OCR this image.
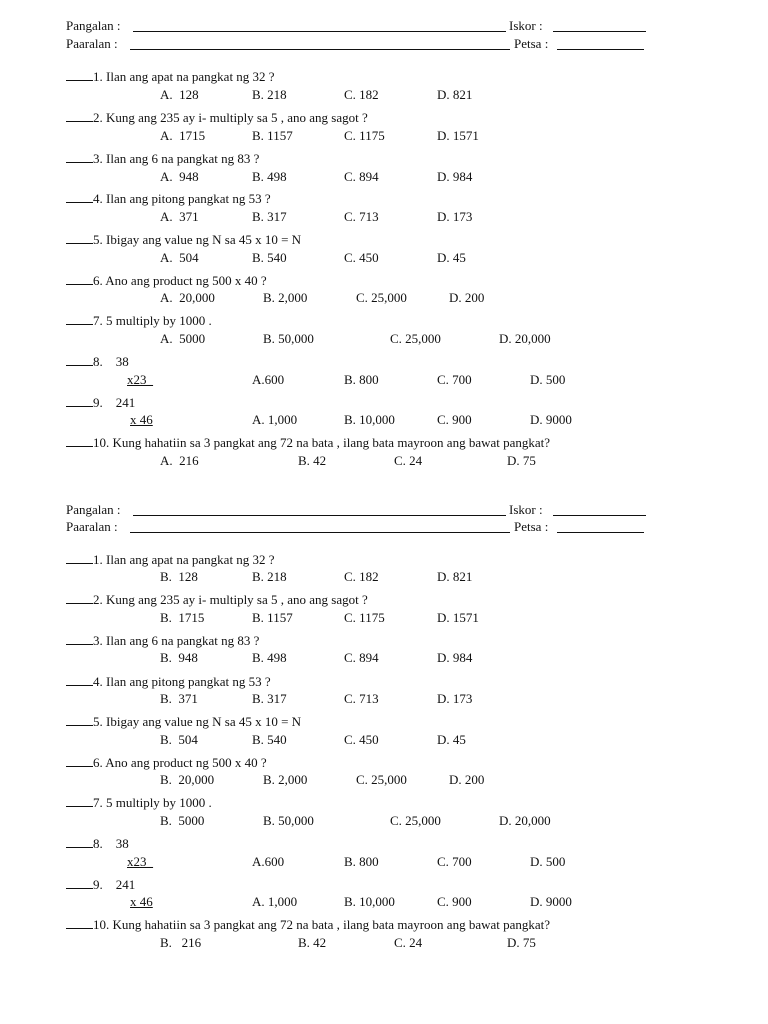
Pangalan :	Iskor :
Paaralan :	Petsa :
1. Ilan ang apat na pangkat ng 32 ?
A.  128	B. 218	C. 182	D. 821
2. Kung ang 235 ay i- multiply sa 5 , ano ang sagot ?
A.  1715	B. 1157	C. 1175	D. 1571
3. Ilan ang 6 na pangkat ng 83 ?
A.  948	B. 498	C. 894	D. 984
4. Ilan ang pitong pangkat ng 53 ?
A.  371	B. 317	C. 713	D. 173
5. Ibigay ang value ng N sa 45 x 10 = N
A.  504	B. 540	C. 450	D. 45
6. Ano ang product ng 500 x 40 ?
A.  20,000	B. 2,000	C. 25,000	D. 200
7. 5 multiply by 1000 .
A.  5000	B. 50,000	C. 25,000	D. 20,000
8. 38
x23_	A.600	B. 800	C. 700	D. 500
9. 241
x 46	A. 1,000	B. 10,000	C. 900	D. 9000
10. Kung hahatiin sa 3 pangkat ang 72 na bata , ilang bata mayroon ang bawat pangkat?
A.  216	B. 42	C. 24	D. 75
Pangalan :	Iskor :
Paaralan :	Petsa :
1. Ilan ang apat na pangkat ng 32 ?
B.  128	B. 218	C. 182	D. 821
2. Kung ang 235 ay i- multiply sa 5 , ano ang sagot ?
B.  1715	B. 1157	C. 1175	D. 1571
3. Ilan ang 6 na pangkat ng 83 ?
B.  948	B. 498	C. 894	D. 984
4. Ilan ang pitong pangkat ng 53 ?
B.  371	B. 317	C. 713	D. 173
5. Ibigay ang value ng N sa 45 x 10 = N
B.  504	B. 540	C. 450	D. 45
6. Ano ang product ng 500 x 40 ?
B.  20,000	B. 2,000	C. 25,000	D. 200
7. 5 multiply by 1000 .
B.  5000	B. 50,000	C. 25,000	D. 20,000
8. 38
x23_	A.600	B. 800	C. 700	D. 500
9. 241
x 46	A. 1,000	B. 10,000	C. 900	D. 9000
10. Kung hahatiin sa 3 pangkat ang 72 na bata , ilang bata mayroon ang bawat pangkat?
B.   216	B. 42	C. 24	D. 75
